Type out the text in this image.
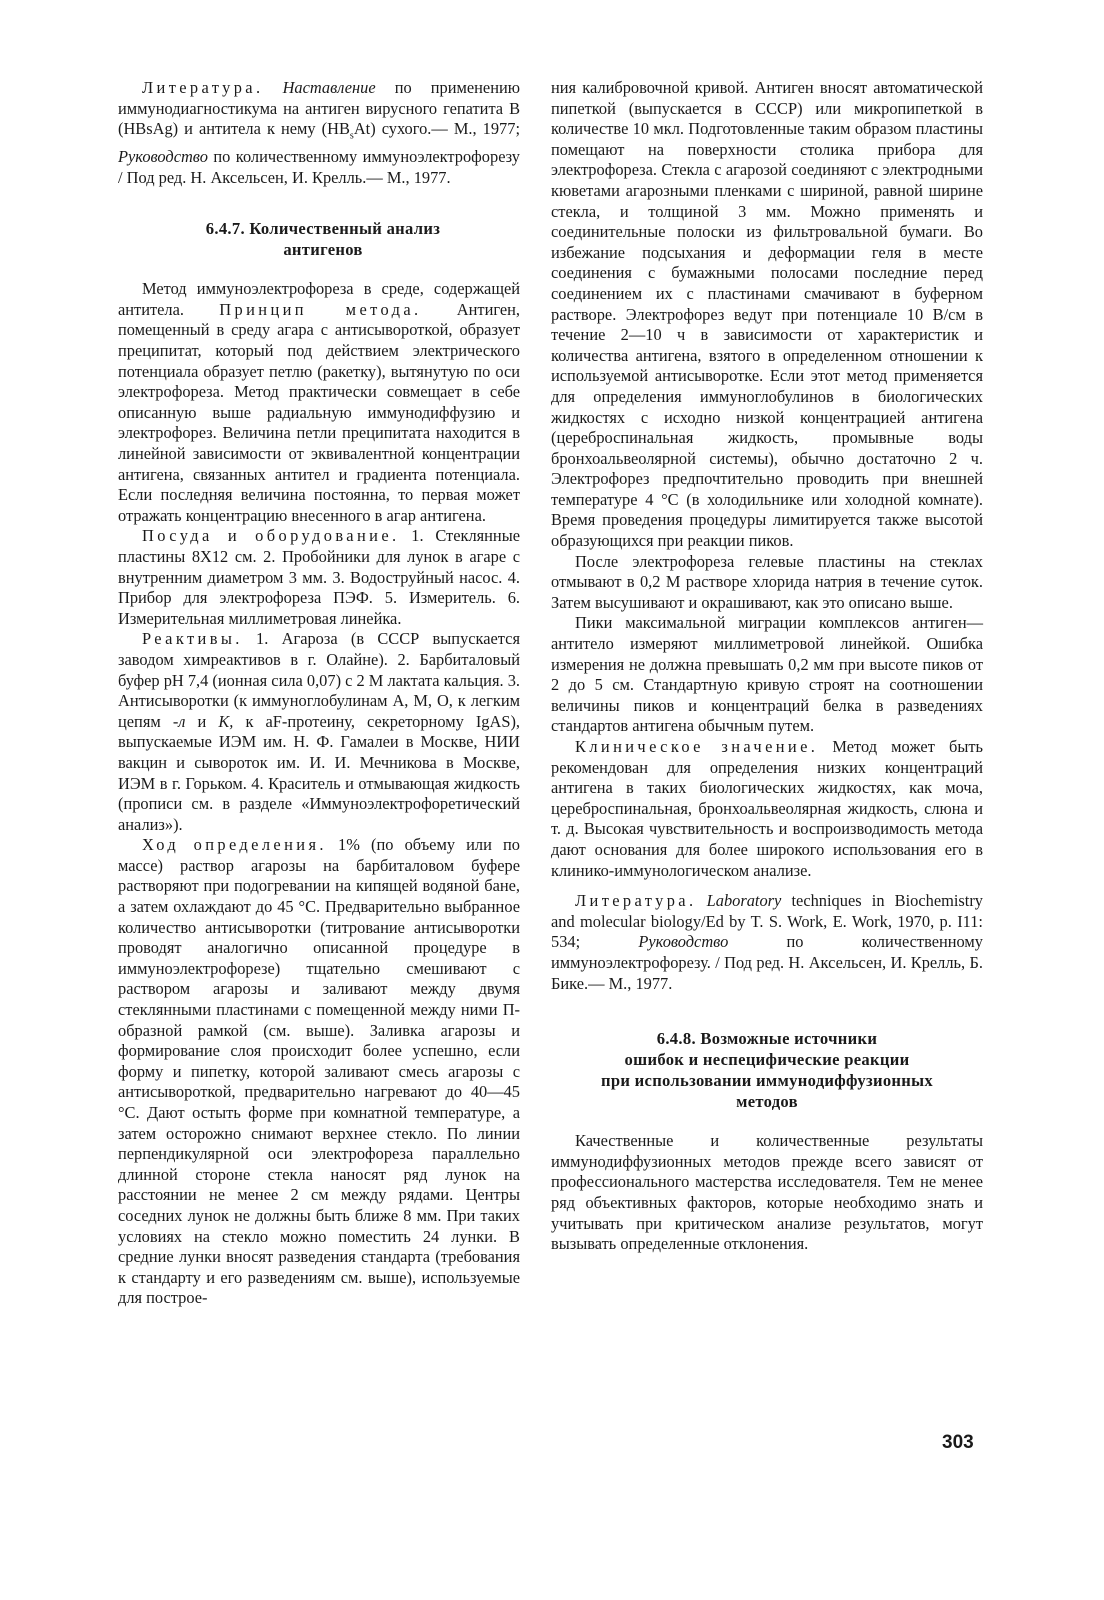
Литература. Наставление по применению иммунодиагностикума на антиген вирусного гепатита В (HBsAg) и антитела к нему $(HB_sAt)$ сухого.— М., 1977; Руководство по количественному иммуноэлектрофорезу / Под ред. Н. Аксельсен, И. Крелль.— М., 1977.

6.4.7. Количественный анализ
антигенов

Метод иммуноэлектрофореза в среде, содержащей антитела. Принцип метода. Антиген, помещенный в среду агара с антисывороткой, образует преципитат, который под действием электрического потенциала образует петлю (ракетку), вытянутую по оси электрофореза. Метод практически совмещает в себе описанную выше радиальную иммунодиффузию и электрофорез. Величина петли преципитата находится в линейной зависимости от эквивалентной концентрации антигена, связанных антител и градиента потенциала. Если последняя величина постоянна, то первая может отражать концентрацию внесенного в агар антигена.

Посуда и оборудование. 1. Стеклянные пластины 8X12 см. 2. Пробойники для лунок в агаре с внутренним диаметром 3 мм. 3. Водоструйный насос. 4. Прибор для электрофореза ПЭФ. 5. Измеритель. 6. Измерительная миллиметровая линейка.

Реактивы. 1. Агароза (в СССР выпускается заводом химреактивов в г. Олайне). 2. Барбиталовый буфер рН 7,4 (ионная сила 0,07) с 2 М лактата кальция. 3. Антисыворотки (к иммуноглобулинам A, M, O, к легким цепям -л и K, к aF-протеину, секреторному IgAS), выпускаемые ИЭМ им. Н. Ф. Гамалеи в Москве, НИИ вакцин и сывороток им. И. И. Мечникова в Москве, ИЭМ в г. Горьком. 4. Краситель и отмывающая жидкость (прописи см. в разделе «Иммуноэлектрофоретический анализ»).

Ход определения. 1% (по объему или по массе) раствор агарозы на барбиталовом буфере растворяют при подогревании на кипящей водяной бане, а затем охлаждают до 45 °С. Предварительно выбранное количество антисыворотки (титрование антисыворотки проводят аналогично описанной процедуре в иммуноэлектрофорезе) тщательно смешивают с раствором агарозы и заливают между двумя стеклянными пластинами с помещенной между ними П-образной рамкой (см. выше). Заливка агарозы и формирование слоя происходит более успешно, если форму и пипетку, которой заливают смесь агарозы с антисывороткой, предварительно нагревают до 40—45 °С. Дают остыть форме при комнатной температуре, а затем осторожно снимают верхнее стекло. По линии перпендикулярной оси электрофореза параллельно длинной стороне стекла наносят ряд лунок на расстоянии не менее 2 см между рядами. Центры соседних лунок не должны быть ближе 8 мм. При таких условиях на стекло можно поместить 24 лунки. В средние лунки вносят разведения стандарта (требования к стандарту и его разведениям см. выше), используемые для построе-

ния калибровочной кривой. Антиген вносят автоматической пипеткой (выпускается в СССР) или микропипеткой в количестве 10 мкл. Подготовленные таким образом пластины помещают на поверхности столика прибора для электрофореза. Стекла с агарозой соединяют с электродными кюветами агарозными пленками с шириной, равной ширине стекла, и толщиной 3 мм. Можно применять и соединительные полоски из фильтровальной бумаги. Во избежание подсыхания и деформации геля в месте соединения с бумажными полосами последние перед соединением их с пластинами смачивают в буферном растворе. Электрофорез ведут при потенциале 10 В/см в течение 2—10 ч в зависимости от характеристик и количества антигена, взятого в определенном отношении к используемой антисыворотке. Если этот метод применяется для определения иммуноглобулинов в биологических жидкостях с исходно низкой концентрацией антигена (цереброспинальная жидкость, промывные воды бронхоальвеолярной системы), обычно достаточно 2 ч. Электрофорез предпочтительно проводить при внешней температуре 4 °С (в холодильнике или холодной комнате). Время проведения процедуры лимитируется также высотой образующихся при реакции пиков.

После электрофореза гелевые пластины на стеклах отмывают в 0,2 М растворе хлорида натрия в течение суток. Затем высушивают и окрашивают, как это описано выше.

Пики максимальной миграции комплексов антиген—антитело измеряют миллиметровой линейкой. Ошибка измерения не должна превышать 0,2 мм при высоте пиков от 2 до 5 см. Стандартную кривую строят на соотношении величины пиков и концентраций белка в разведениях стандартов антигена обычным путем.

Клиническое значение. Метод может быть рекомендован для определения низких концентраций антигена в таких биологических жидкостях, как моча, цереброспинальная, бронхоальвеолярная жидкость, слюна и т. д. Высокая чувствительность и воспроизводимость метода дают основания для более широкого использования его в клинико-иммунологическом анализе.

Литература. Laboratory techniques in Biochemistry and molecular biology/Ed by T. S. Work, E. Work, 1970, p. I11: 534; Руководство по количественному иммуноэлектрофорезу. / Под ред. Н. Аксельсен, И. Крелль, Б. Бике.— М., 1977.

6.4.8. Возможные источники
ошибок и неспецифические реакции
при использовании иммунодиффузионных
методов

Качественные и количественные результаты иммунодиффузионных методов прежде всего зависят от профессионального мастерства исследователя. Тем не менее ряд объективных факторов, которые необходимо знать и учитывать при критическом анализе результатов, могут вызывать определенные отклонения.

303
